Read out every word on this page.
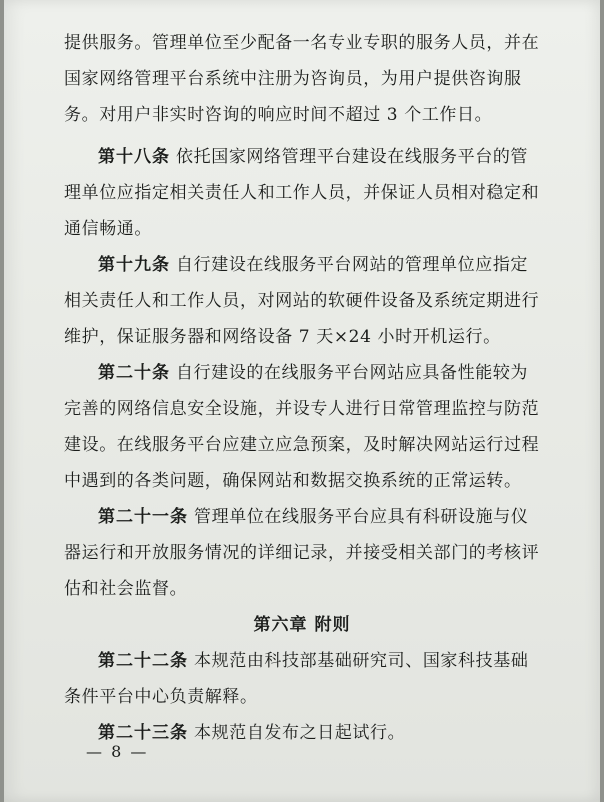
提供服务。管理单位至少配备一名专业专职的服务人员，并在
国家网络管理平台系统中注册为咨询员，为用户提供咨询服
务。对用户非实时咨询的响应时间不超过 3 个工作日。
第十八条 依托国家网络管理平台建设在线服务平台的管
理单位应指定相关责任人和工作人员，并保证人员相对稳定和
通信畅通。
第十九条 自行建设在线服务平台网站的管理单位应指定
相关责任人和工作人员，对网站的软硬件设备及系统定期进行
维护，保证服务器和网络设备 7 天×24 小时开机运行。
第二十条 自行建设的在线服务平台网站应具备性能较为
完善的网络信息安全设施，并设专人进行日常管理监控与防范
建设。在线服务平台应建立应急预案，及时解决网站运行过程
中遇到的各类问题，确保网站和数据交换系统的正常运转。
第二十一条 管理单位在线服务平台应具有科研设施与仪
器运行和开放服务情况的详细记录，并接受相关部门的考核评
估和社会监督。
第六章 附则
第二十二条 本规范由科技部基础研究司、国家科技基础
条件平台中心负责解释。
第二十三条 本规范自发布之日起试行。
— 8 —
